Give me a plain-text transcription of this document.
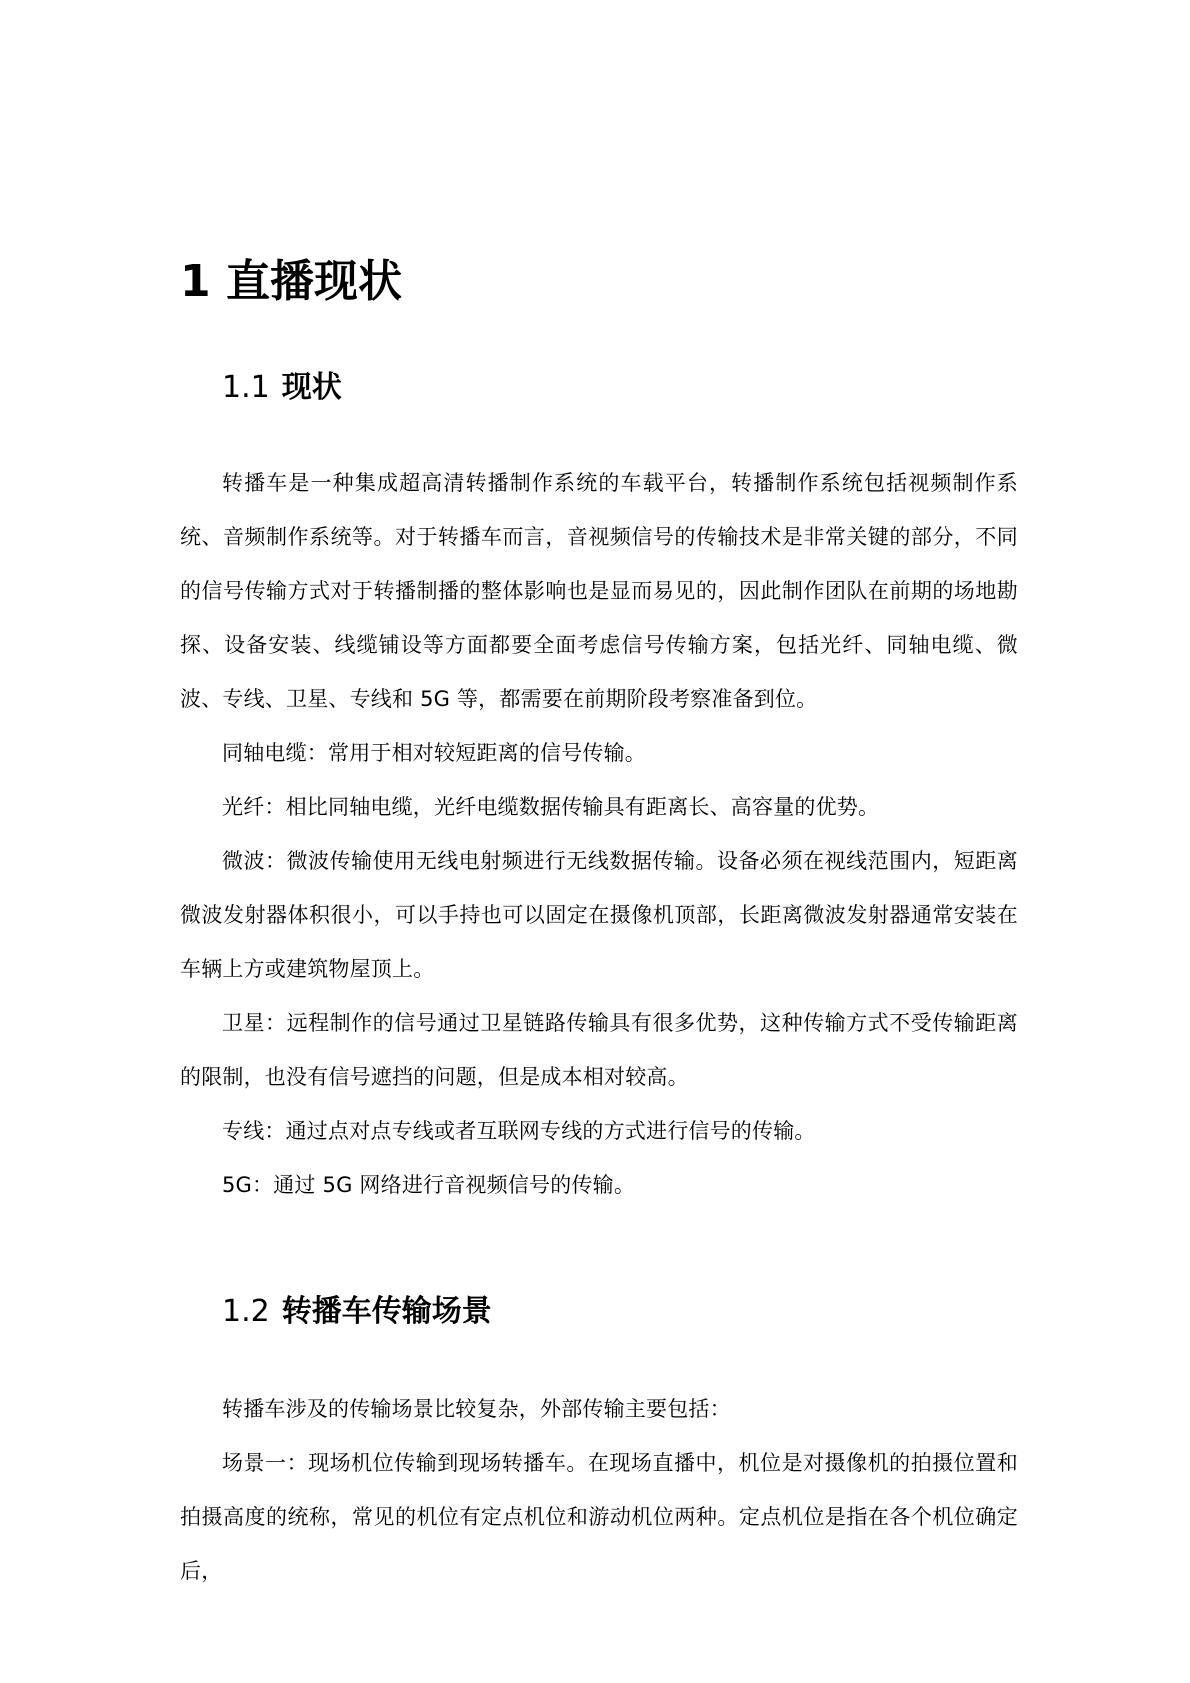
1 直播现状
1.1 现状

转播车是一种集成超高清转播制作系统的车载平台，转播制作系统包括视频制作系统、音频制作系统等。对于转播车而言，音视频信号的传输技术是非常关键的部分，不同的信号传输方式对于转播制播的整体影响也是显而易见的，因此制作团队在前期的场地勘探、设备安装、线缆铺设等方面都要全面考虑信号传输方案，包括光纤、同轴电缆、微波、专线、卫星、专线和 5G 等，都需要在前期阶段考察准备到位。

同轴电缆：常用于相对较短距离的信号传输。

光纤：相比同轴电缆，光纤电缆数据传输具有距离长、高容量的优势。

微波：微波传输使用无线电射频进行无线数据传输。设备必须在视线范围内，短距离微波发射器体积很小，可以手持也可以固定在摄像机顶部，长距离微波发射器通常安装在车辆上方或建筑物屋顶上。

卫星：远程制作的信号通过卫星链路传输具有很多优势，这种传输方式不受传输距离的限制，也没有信号遮挡的问题，但是成本相对较高。

专线：通过点对点专线或者互联网专线的方式进行信号的传输。

5G：通过 5G 网络进行音视频信号的传输。

1.2 转播车传输场景

转播车涉及的传输场景比较复杂，外部传输主要包括：

场景一：现场机位传输到现场转播车。在现场直播中，机位是对摄像机的拍摄位置和拍摄高度的统称，常见的机位有定点机位和游动机位两种。定点机位是指在各个机位确定后，
